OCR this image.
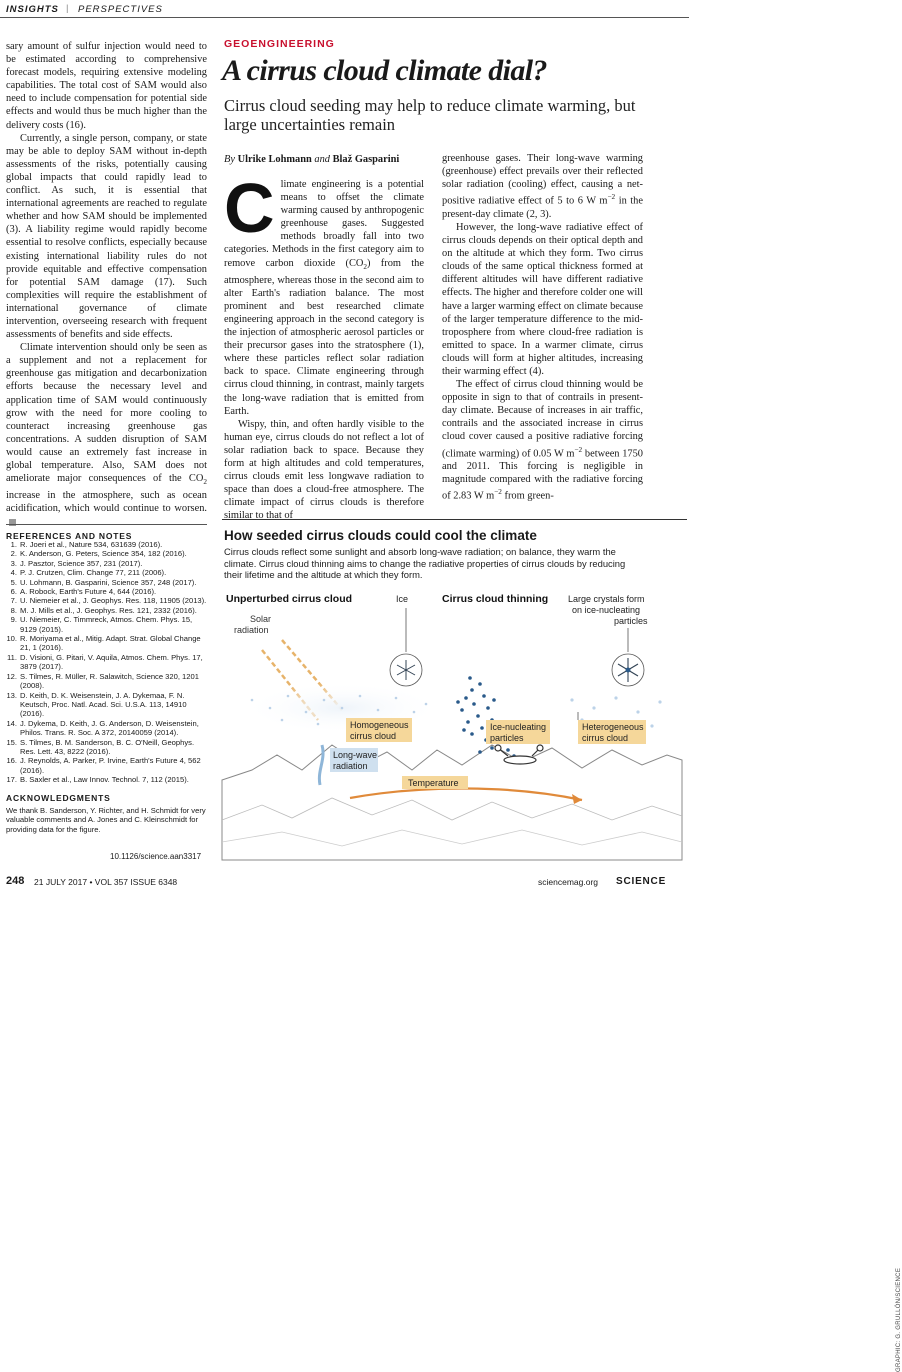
INSIGHTS | PERSPECTIVES

sary amount of sulfur injection would need to be estimated according to comprehensive forecast models, requiring extensive modeling capabilities. The total cost of SAM would also need to include compensation for potential side effects and would thus be much higher than the delivery costs (16).

Currently, a single person, company, or state may be able to deploy SAM without in-depth assessments of the risks, potentially causing global impacts that could rapidly lead to conflict. As such, it is essential that international agreements are reached to regulate whether and how SAM should be implemented (3). A liability regime would rapidly become essential to resolve conflicts, especially because existing international liability rules do not provide equitable and effective compensation for potential SAM damage (17). Such complexities will require the establishment of international governance of climate intervention, overseeing research with frequent assessments of benefits and side effects.

Climate intervention should only be seen as a supplement and not a replacement for greenhouse gas mitigation and decarbonization efforts because the necessary level and application time of SAM would continuously grow with the need for more cooling to counteract increasing greenhouse gas concentrations. A sudden disruption of SAM would cause an extremely fast increase in global temperature. Also, SAM does not ameliorate major consequences of the $CO_2$ increase in the atmosphere, such as ocean acidification, which would continue to worsen.

REFERENCES AND NOTES
1. R. Joeri et al., Nature 534, 631639 (2016).
2. K. Anderson, G. Peters, Science 354, 182 (2016).
3. J. Pasztor, Science 357, 231 (2017).
4. P. J. Crutzen, Clim. Change 77, 211 (2006).
5. U. Lohmann, B. Gasparini, Science 357, 248 (2017).
6. A. Robock, Earth's Future 4, 644 (2016).
7. U. Niemeier et al., J. Geophys. Res. 118, 11905 (2013).
8. M. J. Mills et al., J. Geophys. Res. 121, 2332 (2016).
9. U. Niemeier, C. Timmreck, Atmos. Chem. Phys. 15, 9129 (2015).
10. R. Moriyama et al., Mitig. Adapt. Strat. Global Change 21, 1 (2016).
11. D. Visioni, G. Pitari, V. Aquila, Atmos. Chem. Phys. 17, 3879 (2017).
12. S. Tilmes, R. Müller, R. Salawitch, Science 320, 1201 (2008).
13. D. Keith, D. K. Weisenstein, J. A. Dykemaa, F. N. Keutsch, Proc. Natl. Acad. Sci. U.S.A. 113, 14910 (2016).
14. J. Dykema, D. Keith, J. G. Anderson, D. Weisenstein, Philos. Trans. R. Soc. A 372, 20140059 (2014).
15. S. Tilmes, B. M. Sanderson, B. C. O'Neill, Geophys. Res. Lett. 43, 8222 (2016).
16. J. Reynolds, A. Parker, P. Irvine, Earth's Future 4, 562 (2016).
17. B. Saxler et al., Law Innov. Technol. 7, 112 (2015).
ACKNOWLEDGMENTS
We thank B. Sanderson, Y. Richter, and H. Schmidt for very valuable comments and A. Jones and C. Kleinschmidt for providing data for the figure.
10.1126/science.aan3317
GEOENGINEERING
A cirrus cloud climate dial?
Cirrus cloud seeding may help to reduce climate warming, but large uncertainties remain
By Ulrike Lohmann and Blaž Gasparini

Climate engineering is a potential means to offset the climate warming caused by anthropogenic greenhouse gases. Suggested methods broadly fall into two categories. Methods in the first category aim to remove carbon dioxide $(CO_2)$ from the atmosphere, whereas those in the second aim to alter Earth's radiation balance. The most prominent and best researched climate engineering approach in the second category is the injection of atmospheric aerosol particles or their precursor gases into the stratosphere (1), where these particles reflect solar radiation back to space. Climate engineering through cirrus cloud thinning, in contrast, mainly targets the long-wave radiation that is emitted from Earth.

Wispy, thin, and often hardly visible to the human eye, cirrus clouds do not reflect a lot of solar radiation back to space. Because they form at high altitudes and cold temperatures, cirrus clouds emit less longwave radiation to space than does a cloud-free atmosphere. The climate impact of cirrus clouds is therefore similar to that of

greenhouse gases. Their long-wave warming (greenhouse) effect prevails over their reflected solar radiation (cooling) effect, causing a net-positive radiative effect of 5 to 6 W $m^{-2}$ in the present-day climate (2, 3).

However, the long-wave radiative effect of cirrus clouds depends on their optical depth and on the altitude at which they form. Two cirrus clouds of the same optical thickness formed at different altitudes will have different radiative effects. The higher and therefore colder one will have a larger warming effect on climate because of the larger temperature difference to the mid-troposphere from where cloud-free radiation is emitted to space. In a warmer climate, cirrus clouds will form at higher altitudes, increasing their warming effect (4).

The effect of cirrus cloud thinning would be opposite in sign to that of contrails in present-day climate. Because of increases in air traffic, contrails and the associated increase in cirrus cloud cover caused a positive radiative forcing (climate warming) of 0.05 W $m^{-2}$ between 1750 and 2011. This forcing is negligible in magnitude compared with the radiative forcing of 2.83 W $m^{-2}$ from green-

How seeded cirrus clouds could cool the climate
Cirrus clouds reflect some sunlight and absorb long-wave radiation; on balance, they warm the climate. Cirrus cloud thinning aims to change the radiative properties of cirrus clouds by reducing their lifetime and the altitude at which they form.
Temperature
Unperturbed cirrus cloud
Solar
radiation
Ice
Homogeneous
cirrus cloud
Long-wave
radiation
Cirrus cloud thinning Large crystals form
on ice-nucleating
particles
Ice-nucleating
particles
Heterogeneous
cirrus cloud
GRAPHIC: G. GRULLÓN/SCIENCE
248 21 JULY 2017 • VOL 357 ISSUE 6348	sciencemag.org SCIENCE
